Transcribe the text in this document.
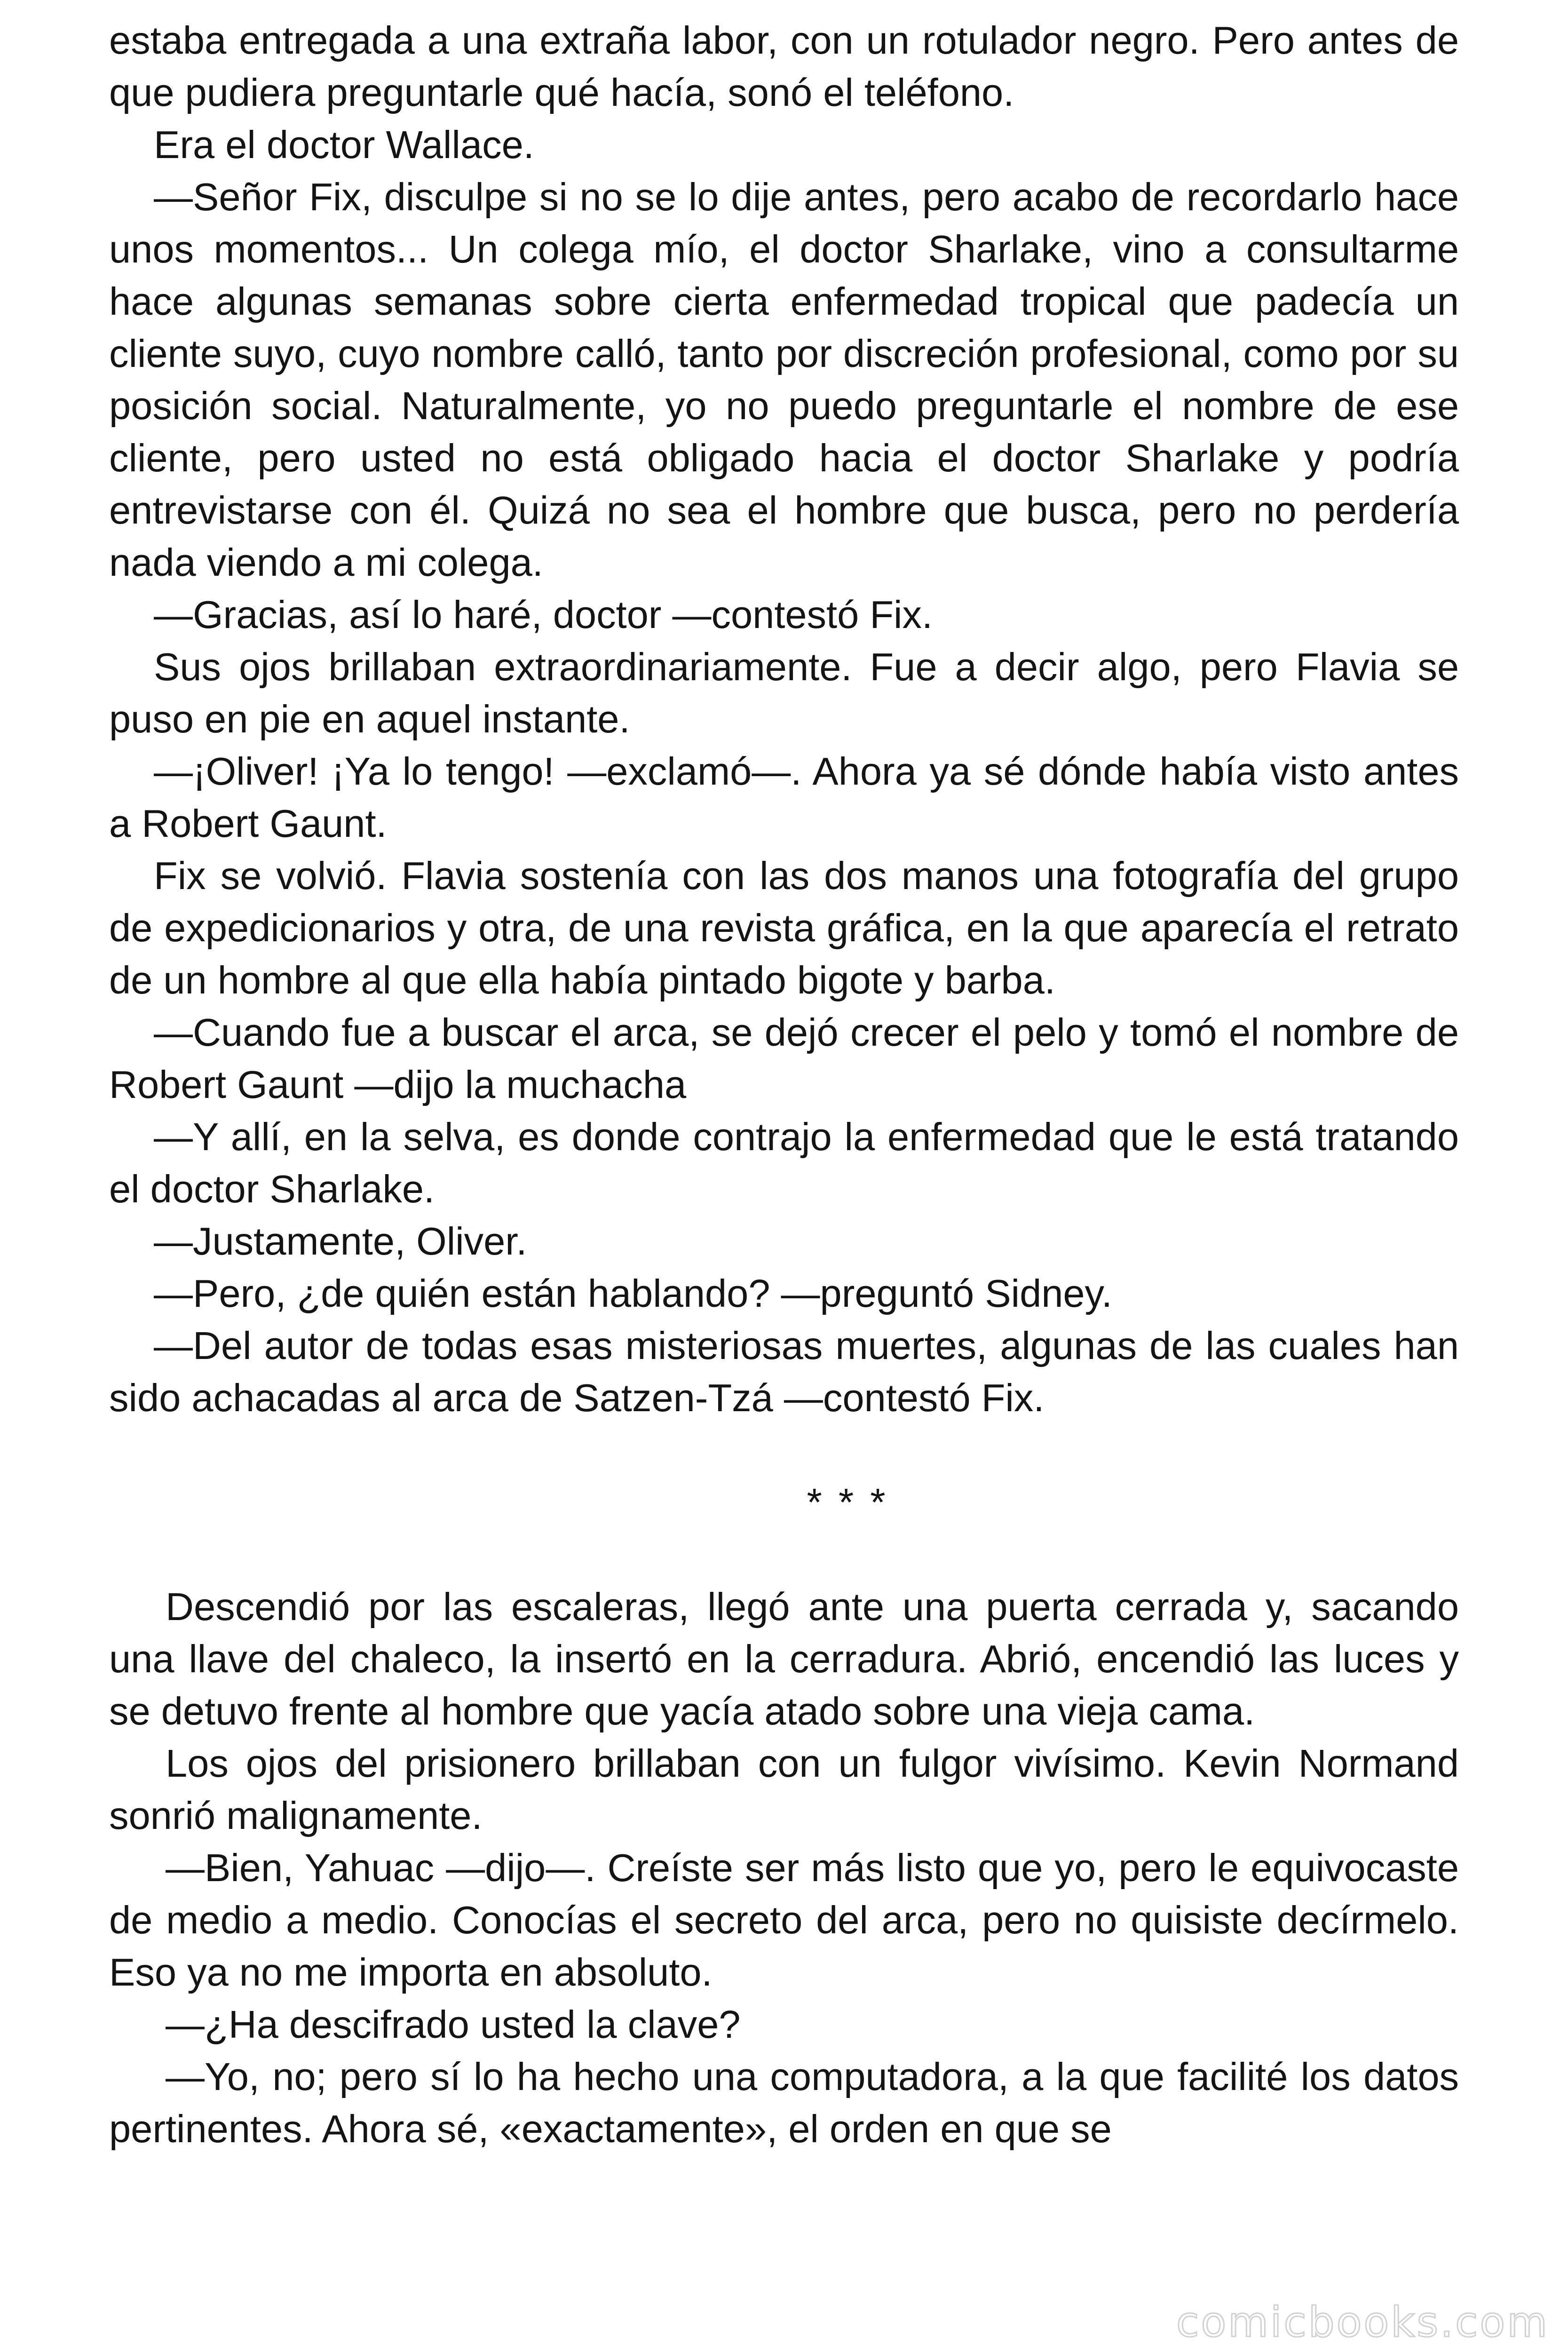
estaba entregada a una extraña labor, con un rotulador negro. Pero antes de que pudiera preguntarle qué hacía, sonó el teléfono.

Era el doctor Wallace.

—Señor Fix, disculpe si no se lo dije antes, pero acabo de recordarlo hace unos momentos... Un colega mío, el doctor Sharlake, vino a consultarme hace algunas semanas sobre cierta enfermedad tropical que padecía un cliente suyo, cuyo nombre calló, tanto por discreción profesional, como por su posición social. Naturalmente, yo no puedo preguntarle el nombre de ese cliente, pero usted no está obligado hacia el doctor Sharlake y podría entrevistarse con él. Quizá no sea el hombre que busca, pero no perdería nada viendo a mi colega.

—Gracias, así lo haré, doctor —contestó Fix.

Sus ojos brillaban extraordinariamente. Fue a decir algo, pero Flavia se puso en pie en aquel instante.

—¡Oliver! ¡Ya lo tengo! —exclamó—. Ahora ya sé dónde había visto antes a Robert Gaunt.

Fix se volvió. Flavia sostenía con las dos manos una fotografía del grupo de expedicionarios y otra, de una revista gráfica, en la que aparecía el retrato de un hombre al que ella había pintado bigote y barba.

—Cuando fue a buscar el arca, se dejó crecer el pelo y tomó el nombre de Robert Gaunt —dijo la muchacha

—Y allí, en la selva, es donde contrajo la enfermedad que le está tratando el doctor Sharlake.

—Justamente, Oliver.

—Pero, ¿de quién están hablando? —preguntó Sidney.

—Del autor de todas esas misteriosas muertes, algunas de las cuales han sido achacadas al arca de Satzen-Tzá —contestó Fix.

* * *

Descendió por las escaleras, llegó ante una puerta cerrada y, sacando una llave del chaleco, la insertó en la cerradura. Abrió, encendió las luces y se detuvo frente al hombre que yacía atado sobre una vieja cama.

Los ojos del prisionero brillaban con un fulgor vivísimo. Kevin Normand sonrió malignamente.

—Bien, Yahuac —dijo—. Creíste ser más listo que yo, pero le equivocaste de medio a medio. Conocías el secreto del arca, pero no quisiste decírmelo. Eso ya no me importa en absoluto.

—¿Ha descifrado usted la clave?

—Yo, no; pero sí lo ha hecho una computadora, a la que facilité los datos pertinentes. Ahora sé, «exactamente», el orden en que se

comicbooks.com
